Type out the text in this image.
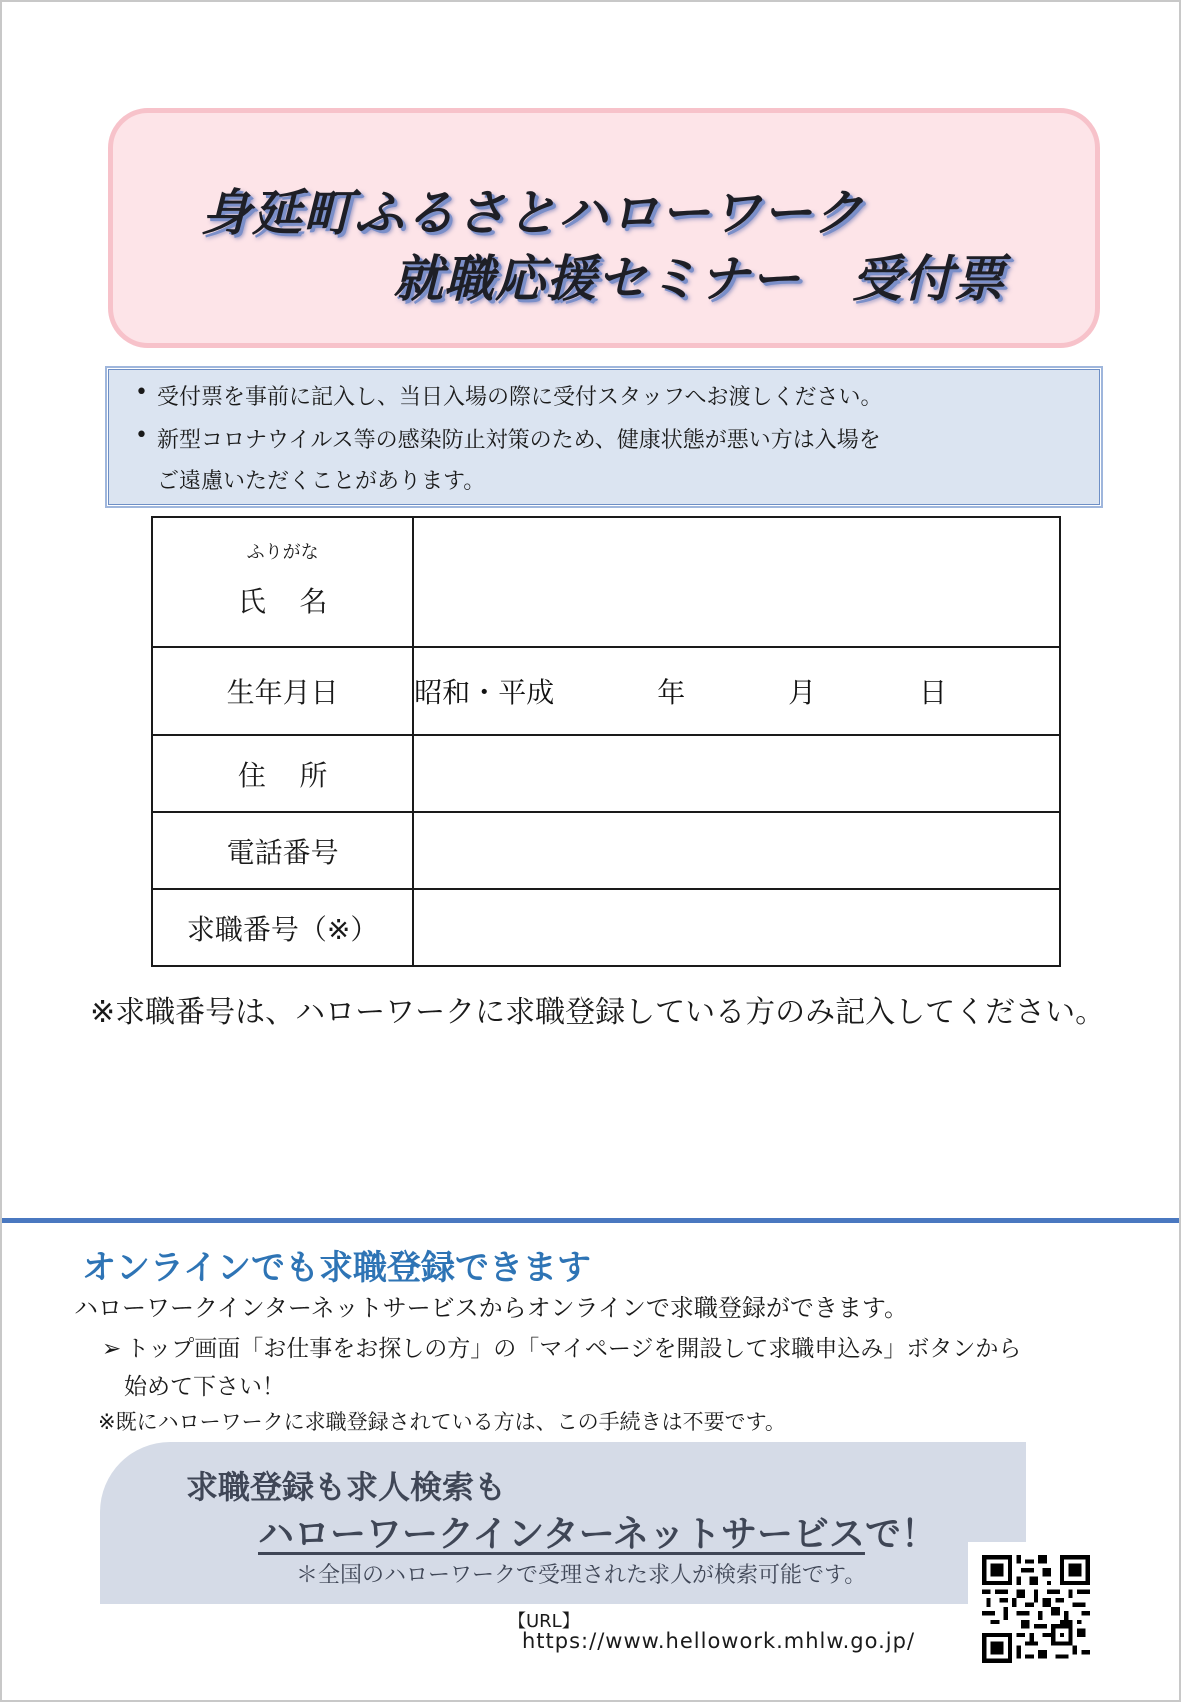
身延町ふるさとハローワーク
就職応援セミナー　受付票
• 受付票を事前に記入し、当日入場の際に受付スタッフへお渡しください。
• 新型コロナウイルス等の感染防止対策のため、健康状態が悪い方は入場を
ご遠慮いただくことがあります。
ふりがな
氏名	

生年月日	昭和・平成 年 月 日
住所	
電話番号	
求職番号（※）	
※求職番号は、ハローワークに求職登録している方のみ記入してください。
オンラインでも求職登録できます
ハローワークインターネットサービスからオンラインで求職登録ができます。
➢ トップ画面「お仕事をお探しの方」の「マイページを開設して求職申込み」ボタンから
始めて下さい！
※既にハローワークに求職登録されている方は、この手続きは不要です。
求職登録も求人検索も
ハローワークインターネットサービスで！
＊全国のハローワークで受理された求人が検索可能です。
【URL】
https://www.hellowork.mhlw.go.jp/
